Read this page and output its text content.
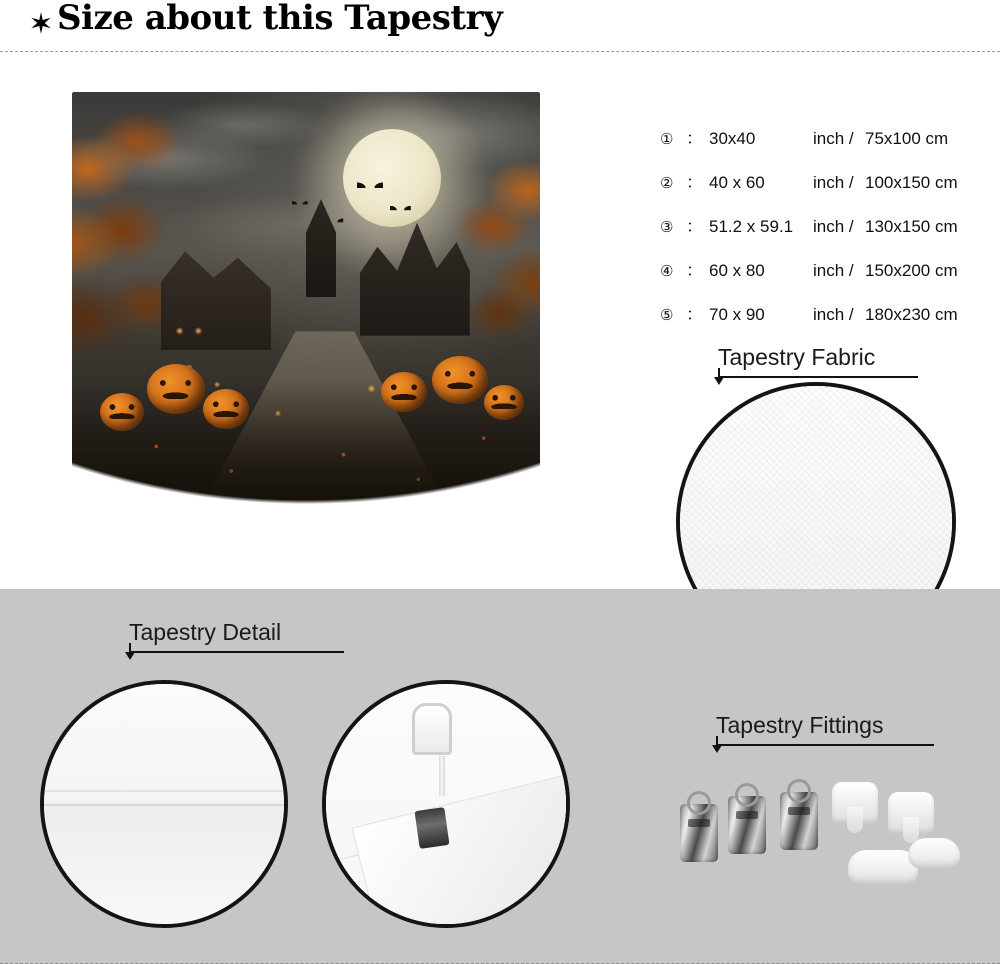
Size about this Tapestry
① ： 30x40	inch / 75x100 cm
② ： 40 x 60	inch / 100x150 cm
③ ： 51.2 x 59.1	inch / 130x150 cm
④ ： 60 x 80	inch / 150x200 cm
⑤ ： 70 x 90	inch / 180x230 cm
Tapestry Fabric
Tapestry Detail
Tapestry Fittings
